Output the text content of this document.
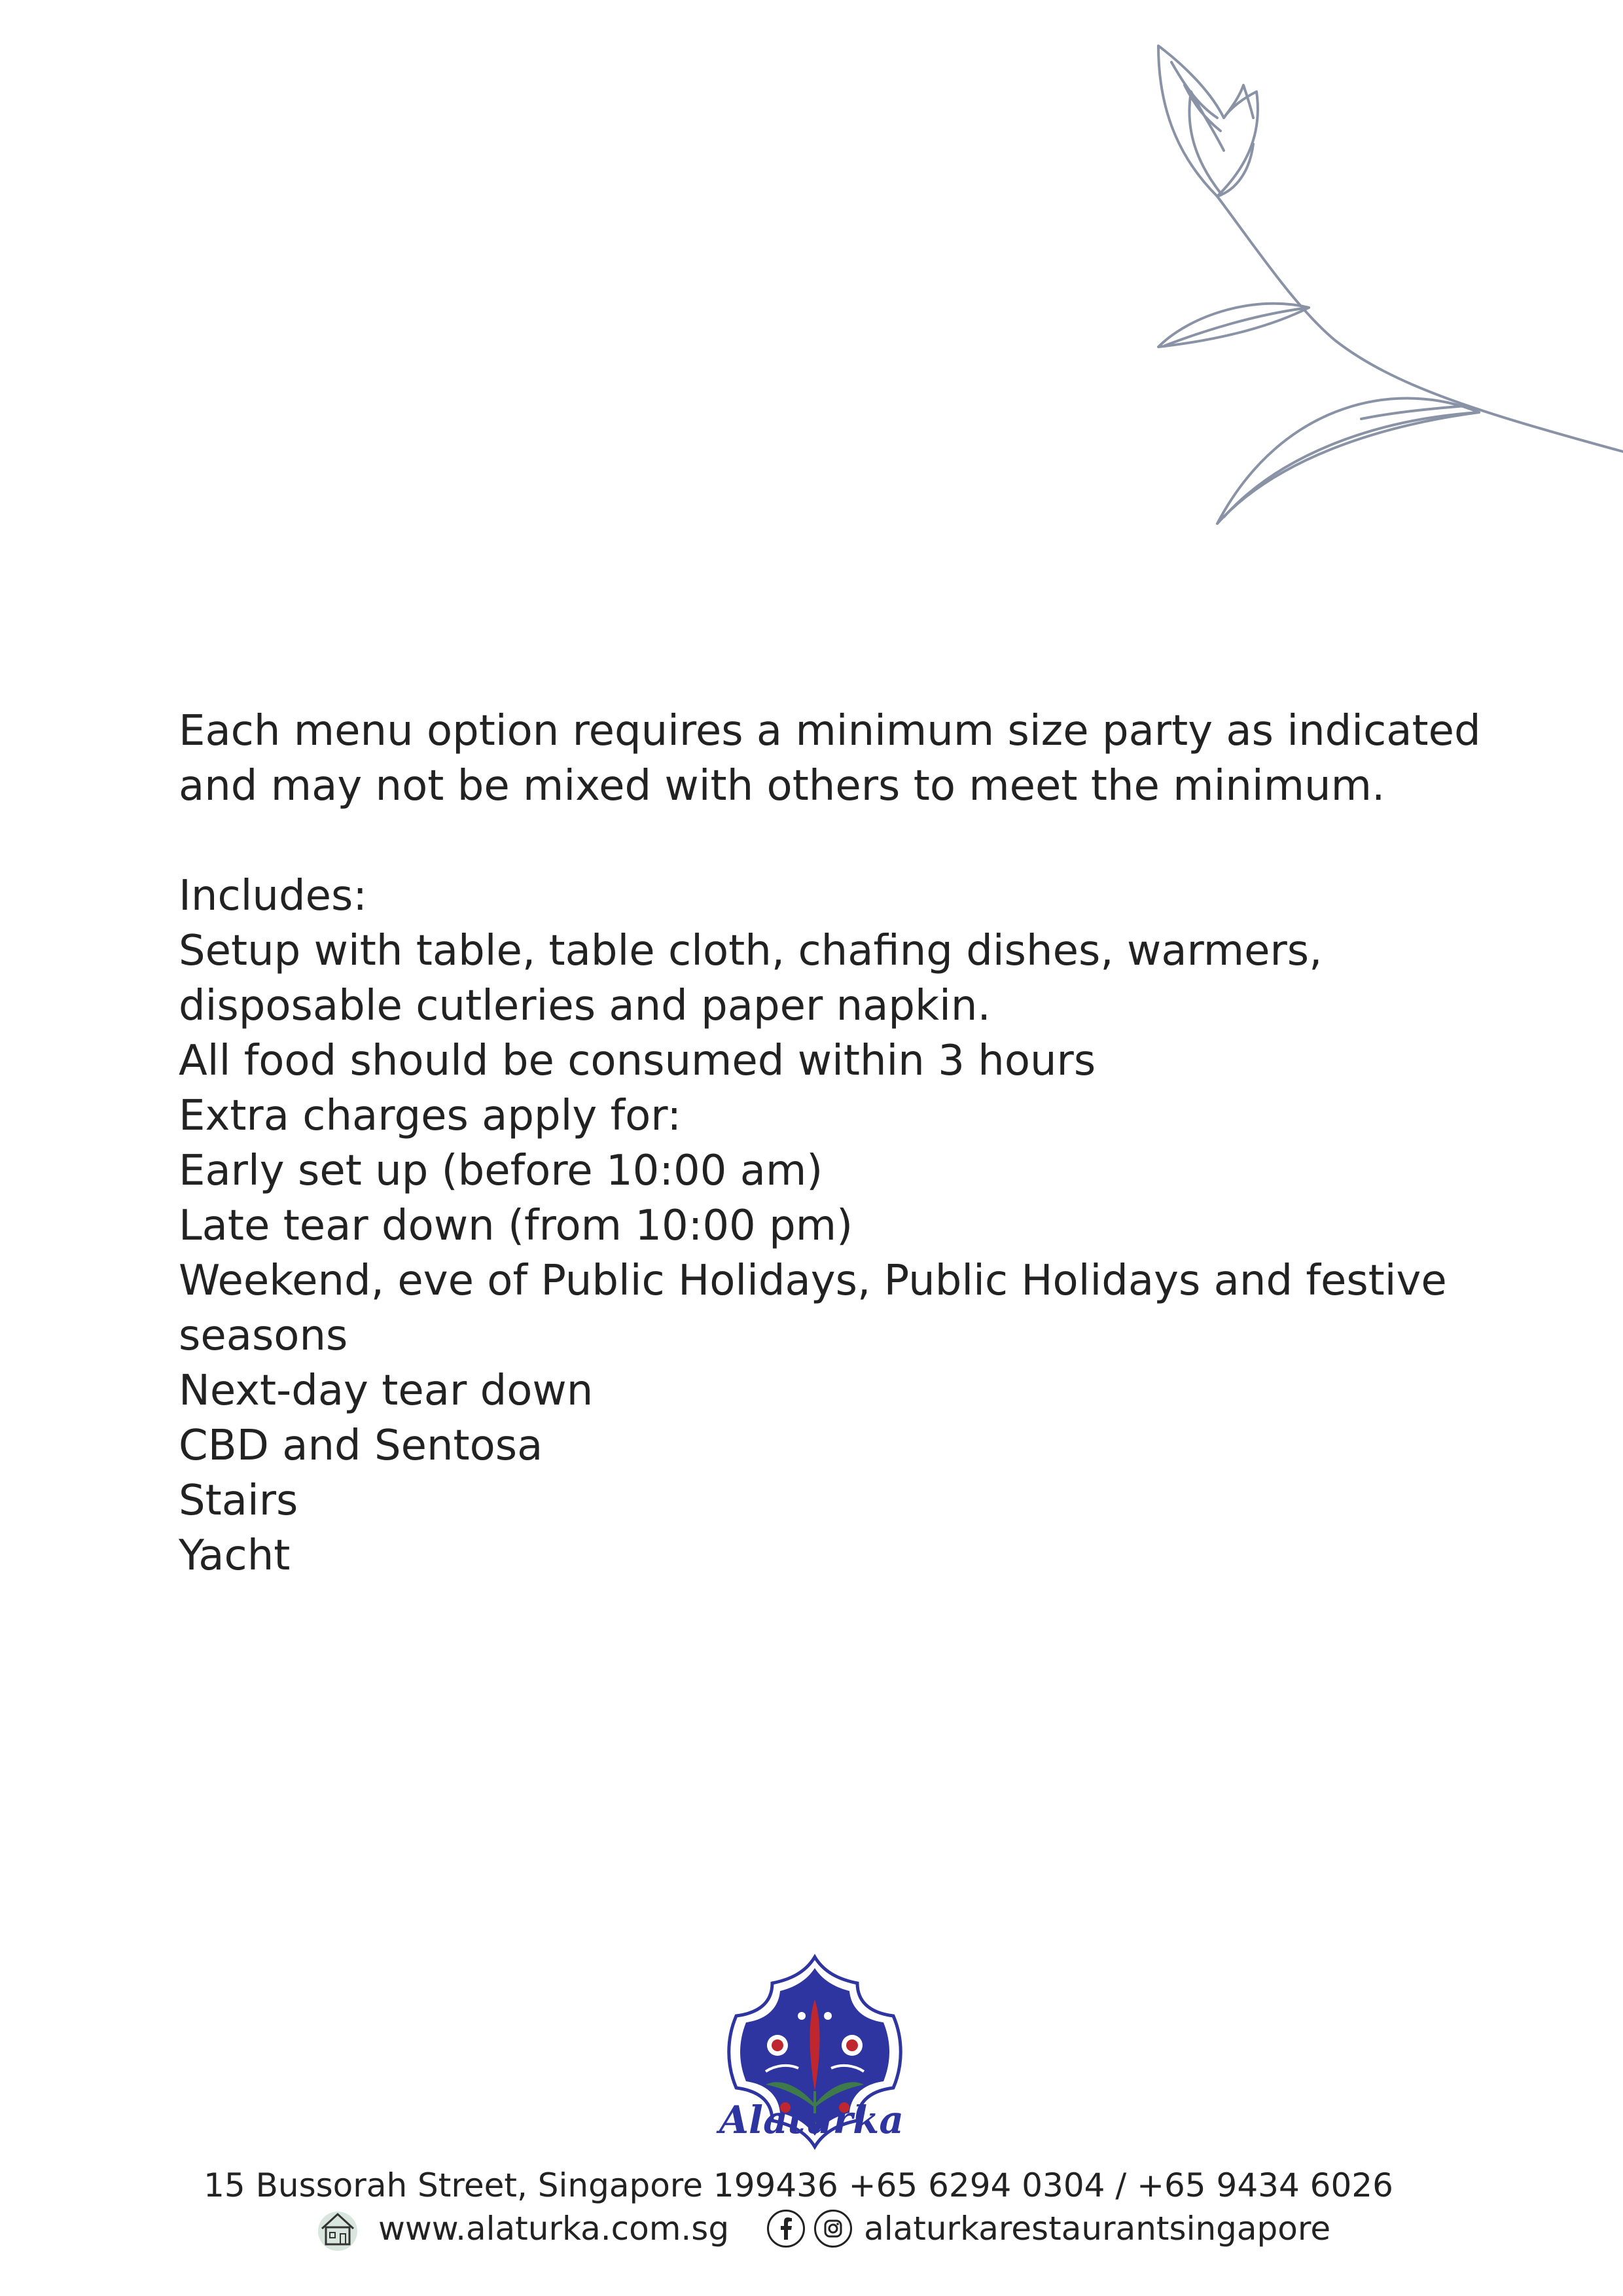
Each menu option requires a minimum size party as indicated
and may not be mixed with others to meet the minimum.
Includes:
Setup with table, table cloth, chafing dishes, warmers,
disposable cutleries and paper napkin.
All food should be consumed within 3 hours
Extra charges apply for:
Early set up (before 10:00 am)
Late tear down (from 10:00 pm)
Weekend, eve of Public Holidays, Public Holidays and festive
seasons
Next-day tear down
CBD and Sentosa
Stairs
Yacht
Alaturka
15 Bussorah Street, Singapore 199436 +65 6294 0304 / +65 9434 6026
www.alaturka.com.sg	alaturkarestaurantsingapore
